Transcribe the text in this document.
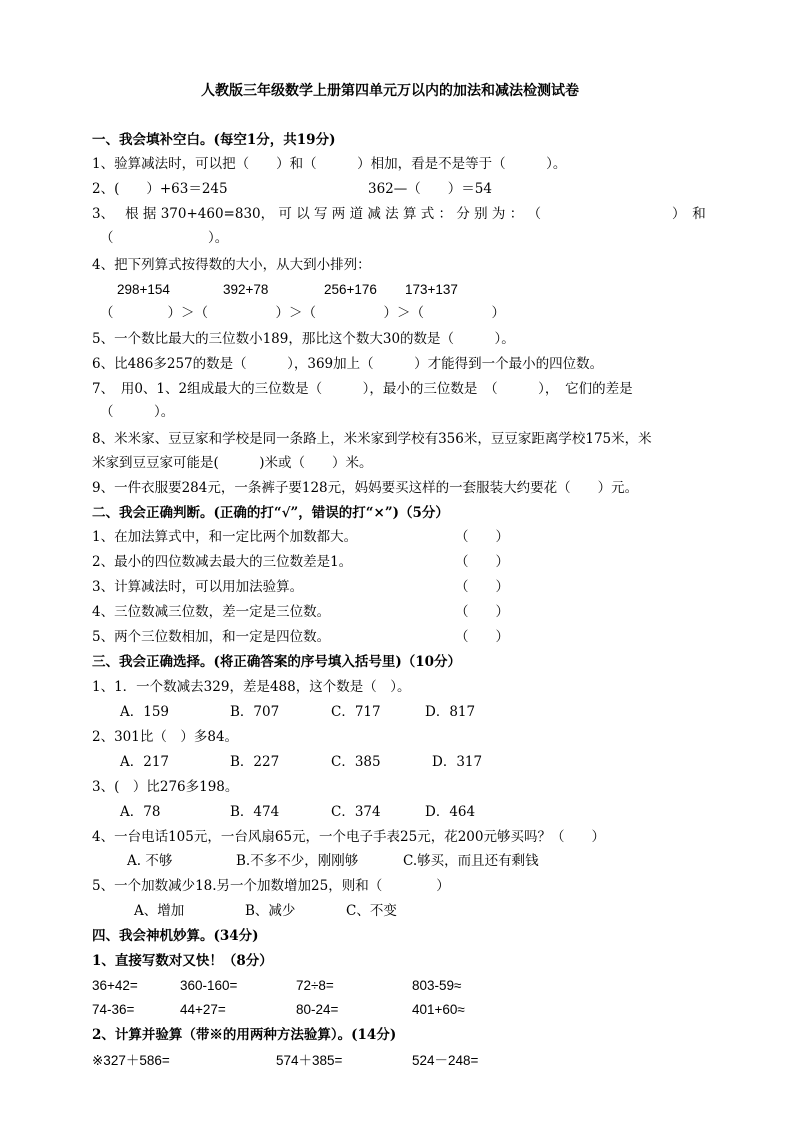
人教版三年级数学上册第四单元万以内的加法和减法检测试卷
一、我会填补空白。(每空1分，共19分)
1、验算减法时，可以把（　　）和（　　　）相加，看是不是等于（　　　）。
2、(　　）+63＝245	362—（　　）＝54
3、　 根 据 370+460=830， 可 以 写 两 道 减 法 算 式 ： 分 别 为 ： （	）　和
（　　　　　　　）。
4、把下列算式按得数的大小，从大到小排列：
298+154	392+78	256+176 173+137
（　　　　）＞（　　　　　）＞（　　　　　）＞（　　　　　）
5、一个数比最大的三位数小189，那比这个数大30的数是（　　　）。
6、比486多257的数是（　　　），369加上（　　　）才能得到一个最小的四位数。
7、　用0、1、2组成最大的三位数是（　　　），最小的三位数是　（　　　），　它们的差是
（　　　）。
8、米米家、豆豆家和学校是同一条路上，米米家到学校有356米，豆豆家距离学校175米，米
米家到豆豆家可能是(　　　)米或（　　）米。
9、一件衣服要284元，一条裤子要128元，妈妈要买这样的一套服装大约要花（　　）元。
二、我会正确判断。(正确的打“√”，错误的打“×”)（5分）
1、在加法算式中，和一定比两个加数都大。	（　　）
2、最小的四位数减去最大的三位数差是1。	（　　）
3、计算减法时，可以用加法验算。	（　　）
4、三位数减三位数，差一定是三位数。	（　　）
5、两个三位数相加，和一定是四位数。	（　　）
三、我会正确选择。(将正确答案的序号填入括号里)（10分）
1、1．一个数减去329，差是488，这个数是（　）。
A．159	B．707	C．717	D．817
2、301比（　）多84。
A．217	B．227	C．385	D．317
3、(　）比276多198。
A．78	B．474	C．374	D．464
4、一台电话105元，一台风扇65元，一个电子手表25元，花200元够买吗？（　　）
A. 不够	B.不多不少，刚刚够	C.够买，而且还有剩钱
5、一个加数减少18.另一个加数增加25，则和（　　　　）
A、增加	B、减少	C、不变
四、我会神机妙算。(34分)
1、直接写数对又快！（8分）
36+42=	360-160=	72÷8=	803-59≈
74-36=	44+27=	80-24=	401+60≈
2、计算并验算（带※的用两种方法验算）。(14分)
※327＋586=	574＋385=	524－248=
